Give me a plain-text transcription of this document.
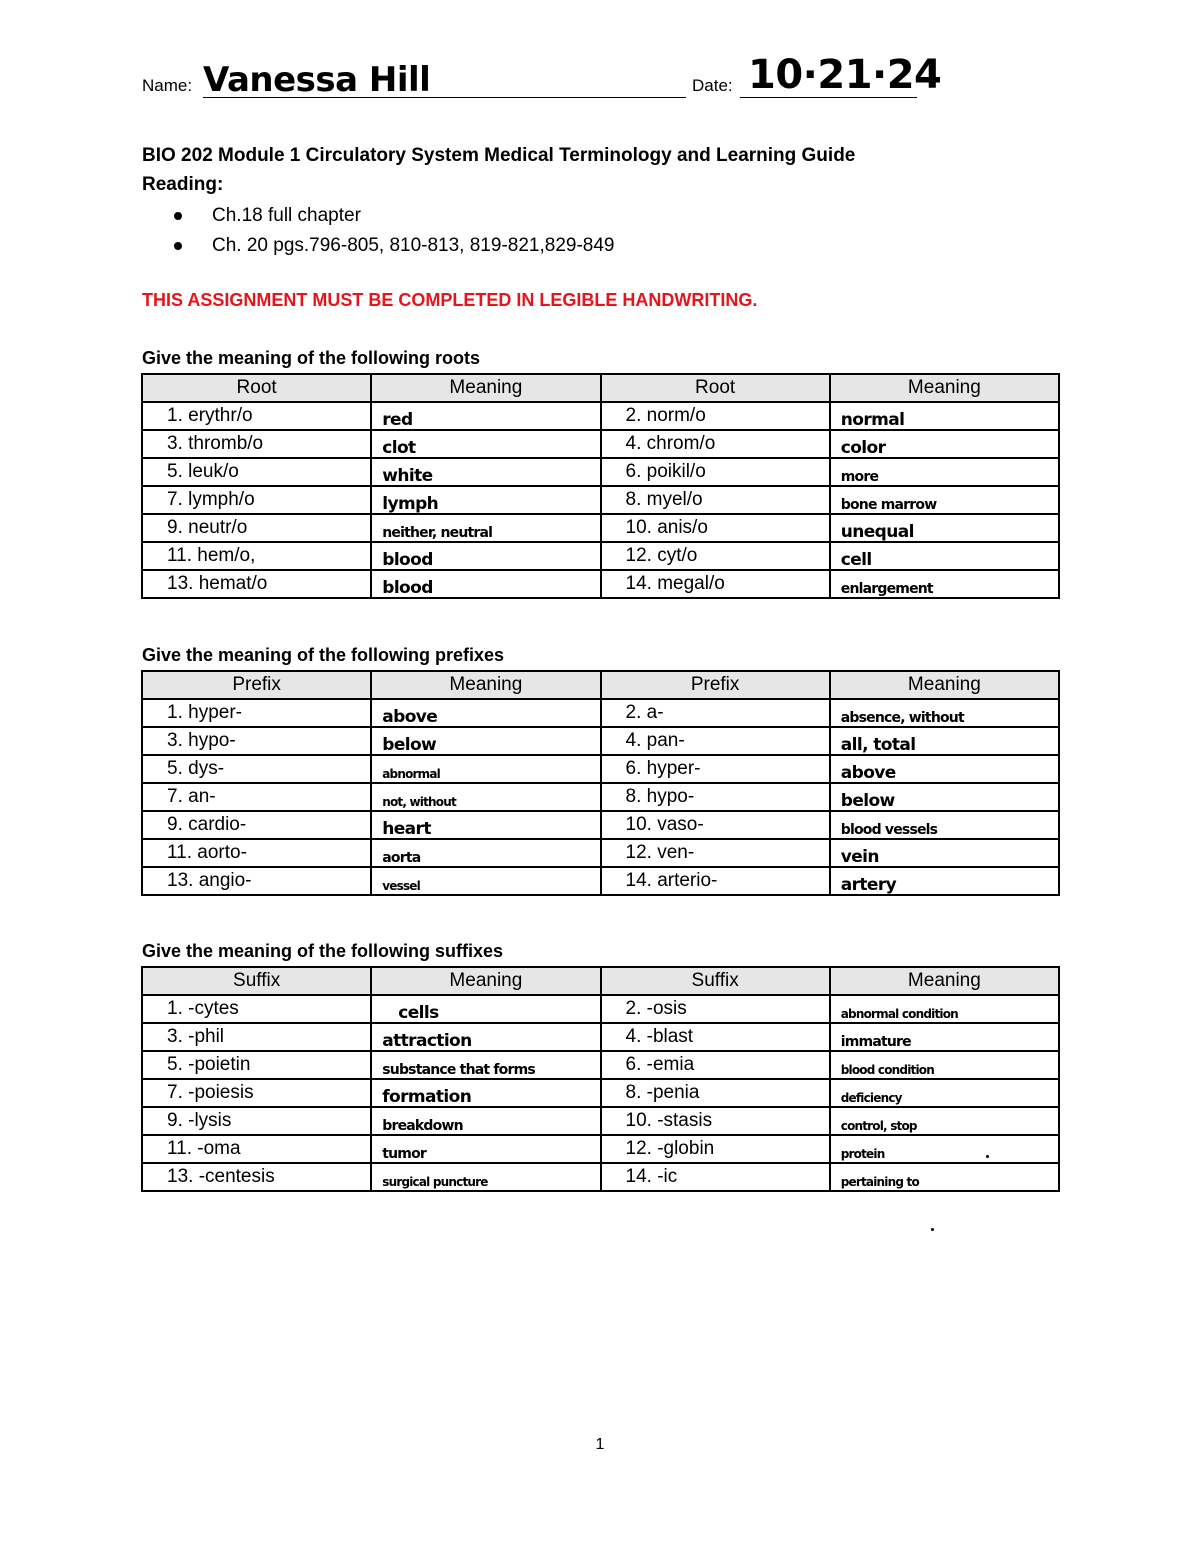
Name: Vanessa Hill	Date: 10·21·24
BIO 202 Module 1 Circulatory System Medical Terminology and Learning Guide
Reading:
Ch.18 full chapter
Ch. 20 pgs.796-805, 810-813, 819-821,829-849
THIS ASSIGNMENT MUST BE COMPLETED IN LEGIBLE HANDWRITING.
Give the meaning of the following roots
Root	Meaning	Root	Meaning
1. erythr/o	red	2. norm/o	normal
3. thromb/o	clot	4. chrom/o	color
5. leuk/o	white	6. poikil/o	more
7. lymph/o	lymph	8. myel/o	bone marrow
9. neutr/o	neither, neutral	10. anis/o	unequal
11. hem/o,	blood	12. cyt/o	cell
13. hemat/o	blood	14. megal/o	enlargement
Give the meaning of the following prefixes
Prefix	Meaning	Prefix	Meaning
1. hyper-	above	2. a-	absence, without
3. hypo-	below	4. pan-	all, total
5. dys-	abnormal	6. hyper-	above
7. an-	not, without	8. hypo-	below
9. cardio-	heart	10. vaso-	blood vessels
11. aorto-	aorta	12. ven-	vein
13. angio-	vessel	14. arterio-	artery
Give the meaning of the following suffixes
Suffix	Meaning	Suffix	Meaning
1. -cytes	cells	2. -osis	abnormal condition
3. -phil	attraction	4. -blast	immature
5. -poietin	substance that forms	6. -emia	blood condition
7. -poiesis	formation	8. -penia	deficiency
9. -lysis	breakdown	10. -stasis	control, stop
11. -oma	tumor	12. -globin	protein
13. -centesis	surgical puncture	14. -ic	pertaining to
1
